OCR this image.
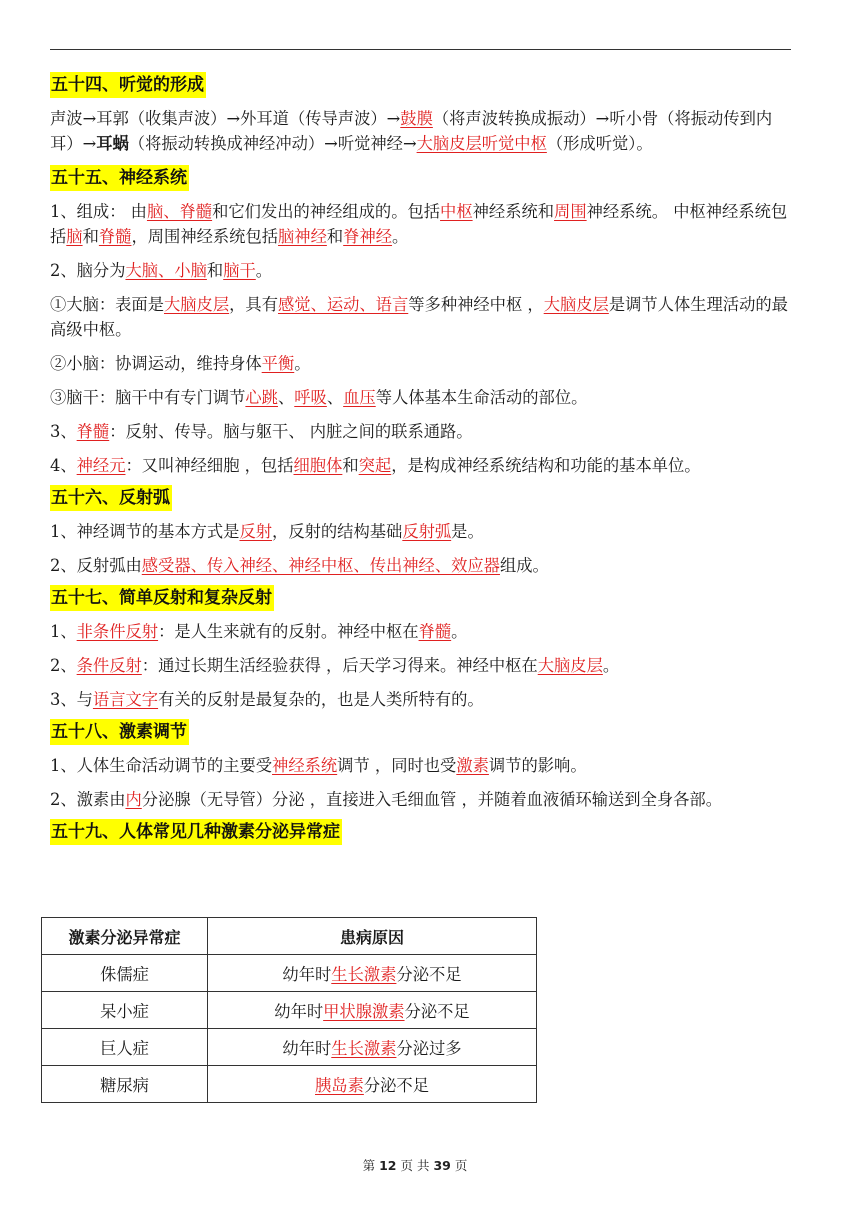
五十四、听觉的形成
声波→耳郭（收集声波）→外耳道（传导声波）→鼓膜（将声波转换成振动）→听小骨（将振动传到内耳）→耳蜗（将振动转换成神经冲动）→听觉神经→大脑皮层听觉中枢（形成听觉）。
五十五、神经系统
1、组成： 由脑、脊髓和它们发出的神经组成的。包括中枢神经系统和周围神经系统。 中枢神经系统包括脑和脊髓，周围神经系统包括脑神经和脊神经。
2、脑分为大脑、小脑和脑干。
①大脑：表面是大脑皮层，具有感觉、运动、语言等多种神经中枢 ，大脑皮层是调节人体生理活动的最高级中枢。
②小脑：协调运动，维持身体平衡。
③脑干：脑干中有专门调节心跳、呼吸、血压等人体基本生命活动的部位。
3、脊髓：反射、传导。脑与躯干、 内脏之间的联系通路。
4、神经元：又叫神经细胞 ，包括细胞体和突起，是构成神经系统结构和功能的基本单位。
五十六、反射弧
1、神经调节的基本方式是反射，反射的结构基础反射弧是。
2、反射弧由感受器、传入神经、神经中枢、传出神经、效应器组成。
五十七、简单反射和复杂反射
1、非条件反射：是人生来就有的反射。神经中枢在脊髓。
2、条件反射：通过长期生活经验获得 ，后天学习得来。神经中枢在大脑皮层。
3、与语言文字有关的反射是最复杂的，也是人类所特有的。
五十八、激素调节
1、人体生命活动调节的主要受神经系统调节 ，同时也受激素调节的影响。
2、激素由内分泌腺（无导管）分泌 ，直接进入毛细血管 ，并随着血液循环输送到全身各部。
五十九、人体常见几种激素分泌异常症
激素分泌异常症	患病原因
侏儒症	幼年时生长激素分泌不足
呆小症	幼年时甲状腺激素分泌不足
巨人症	幼年时生长激素分泌过多
糖尿病	胰岛素分泌不足
第 12 页 共 39 页
